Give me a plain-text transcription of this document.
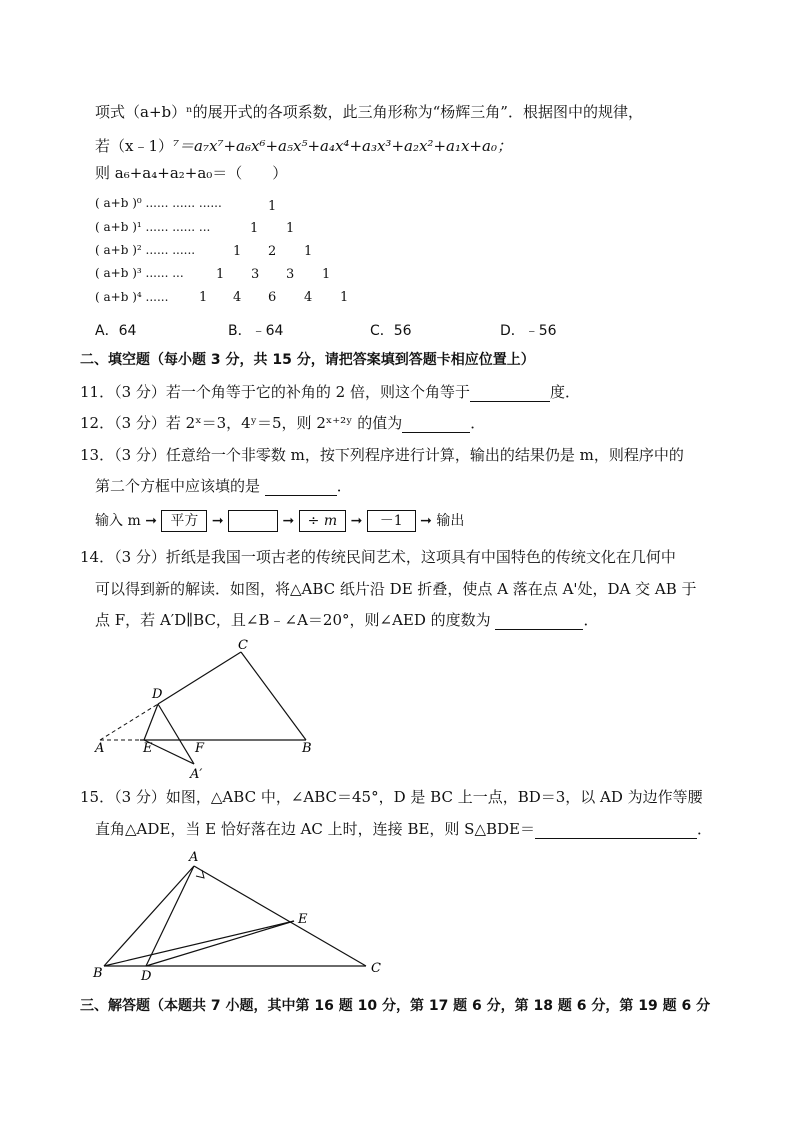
项式（a+b）ⁿ的展开式的各项系数，此三角形称为“杨辉三角”．根据图中的规律，
若（x﹣1）⁷＝a₇x⁷+a₆x⁶+a₅x⁵+a₄x⁴+a₃x³+a₂x²+a₁x+a₀；
则 a₆+a₄+a₂+a₀＝（　　）
( a+b )⁰ ...... ...... ......	1
( a+b )¹ ...... ...... ...	1 1
( a+b )² ...... ......	1 2 1
( a+b )³ ...... ... 1 3 3 1
( a+b )⁴ ...... 1 4 6 4 1
A．64	B．﹣64	C．56	D．﹣56
二、填空题（每小题 3 分，共 15 分，请把答案填到答题卡相应位置上）
11．（3 分）若一个角等于它的补角的 2 倍，则这个角等于	度．
12．（3 分）若 2ˣ＝3，4ʸ＝5，则 2ˣ⁺²ʸ 的值为	．
13．（3 分）任意给一个非零数 m，按下列程序进行计算，输出的结果仍是 m，则程序中的
第二个方框中应该填的是	．
输入 m ➞ 平方 ➞	➞ ÷ m ➞ －1 ➞ 输出
14．（3 分）折纸是我国一项古老的传统民间艺术，这项具有中国特色的传统文化在几何中
可以得到新的解读．如图，将△ABC 纸片沿 DE 折叠，使点 A 落在点 A'处，DA 交 AB 于
点 F，若 A′D∥BC，且∠B﹣∠A＝20°，则∠AED 的度数为	．
C
D
A	E	F	B
A′
15．（3 分）如图，△ABC 中，∠ABC＝45°，D 是 BC 上一点，BD＝3，以 AD 为边作等腰
直角△ADE，当 E 恰好落在边 AC 上时，连接 BE，则 S△BDE＝	．
A
E
B	D
C
三、解答题（本题共 7 小题，其中第 16 题 10 分，第 17 题 6 分，第 18 题 6 分，第 19 题 6 分
